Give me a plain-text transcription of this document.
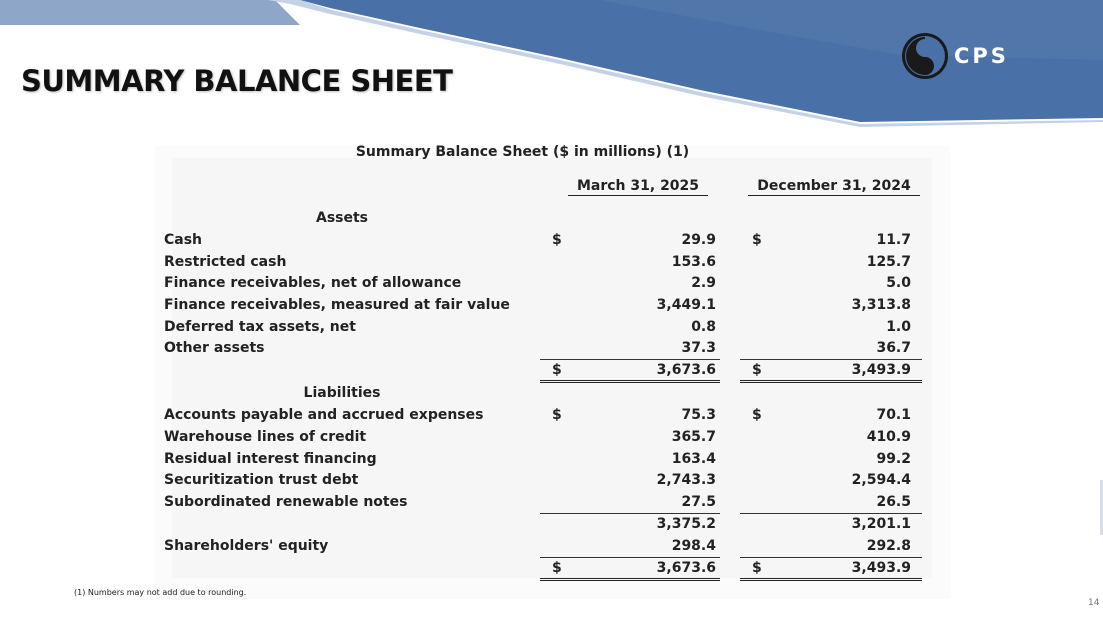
CPS
SUMMARY BALANCE SHEET
Summary Balance Sheet ($ in millions) (1)
March 31, 2025	December 31, 2024
Assets
Cash	$	29.9	$	11.7
Restricted cash	153.6	125.7
Finance receivables, net of allowance	2.9	5.0
Finance receivables, measured at fair value	3,449.1	3,313.8
Deferred tax assets, net	0.8	1.0
Other assets	37.3	36.7
$	3,673.6	$	3,493.9
Liabilities
Accounts payable and accrued expenses	$	75.3	$	70.1
Warehouse lines of credit	365.7	410.9
Residual interest financing	163.4	99.2
Securitization trust debt	2,743.3	2,594.4
Subordinated renewable notes	27.5	26.5
3,375.2	3,201.1
Shareholders' equity	298.4	292.8
$	3,673.6	$	3,493.9
(1) Numbers may not add due to rounding.
14
